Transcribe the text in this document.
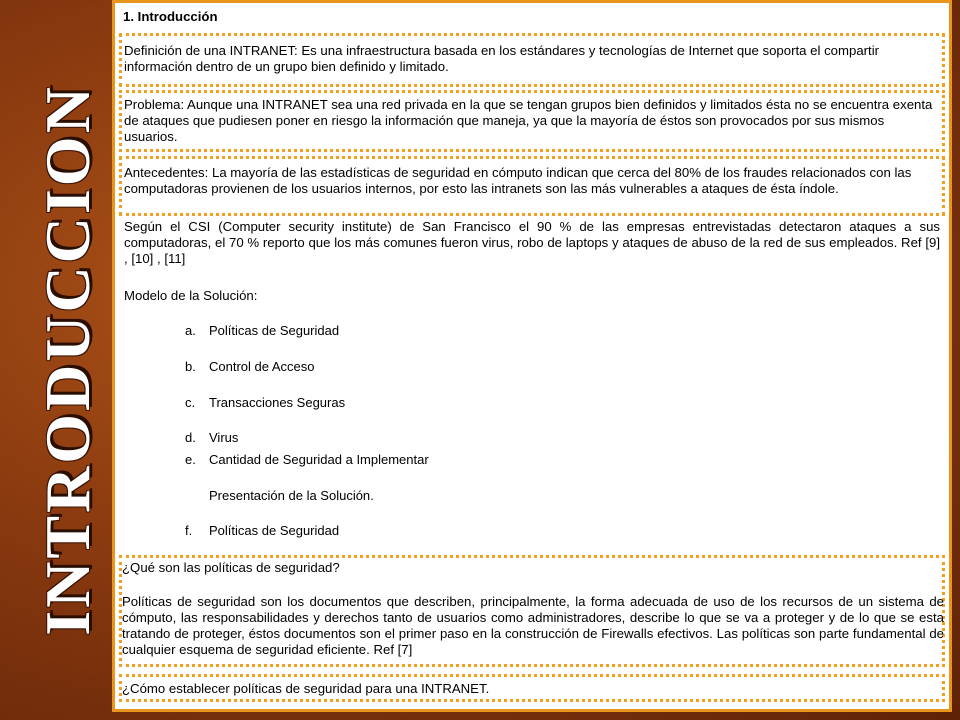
INTRODUCCION
1. Introducción
Definición de una INTRANET: Es una infraestructura basada en los estándares y tecnologías de Internet que soporta el compartir información dentro de un grupo bien definido y limitado.
Problema: Aunque una INTRANET sea una red privada en la que se tengan grupos bien definidos y limitados ésta no se encuentra exenta de ataques que pudiesen poner en riesgo la información que maneja, ya que la mayoría de éstos son provocados por sus mismos usuarios.
Antecedentes: La mayoría de las estadísticas de seguridad en cómputo indican que cerca del 80% de los fraudes relacionados con las computadoras provienen de los usuarios internos, por esto las intranets son las más vulnerables a ataques de ésta índole.
Según el CSI (Computer security institute) de San Francisco el 90 % de las empresas entrevistadas detectaron ataques a sus computadoras, el 70 % reporto que los más comunes fueron virus, robo de laptops y ataques de abuso de la red de sus empleados. Ref [9] , [10] , [11]
Modelo de la Solución:
a. Políticas de Seguridad
b. Control de Acceso
c. Transacciones Seguras
d. Virus
e. Cantidad de Seguridad a Implementar
Presentación de la Solución.
f. Políticas de Seguridad
¿Qué son las políticas de seguridad?
Políticas de seguridad son los documentos que describen, principalmente, la forma adecuada de uso de los recursos de un sistema de cómputo, las responsabilidades y derechos tanto de usuarios como administradores, describe lo que se va a proteger y de lo que se esta tratando de proteger, éstos documentos son el primer paso en la construcción de Firewalls efectivos. Las políticas son parte fundamental de cualquier esquema de seguridad eficiente. Ref [7]
¿Cómo establecer políticas de seguridad para una INTRANET.
